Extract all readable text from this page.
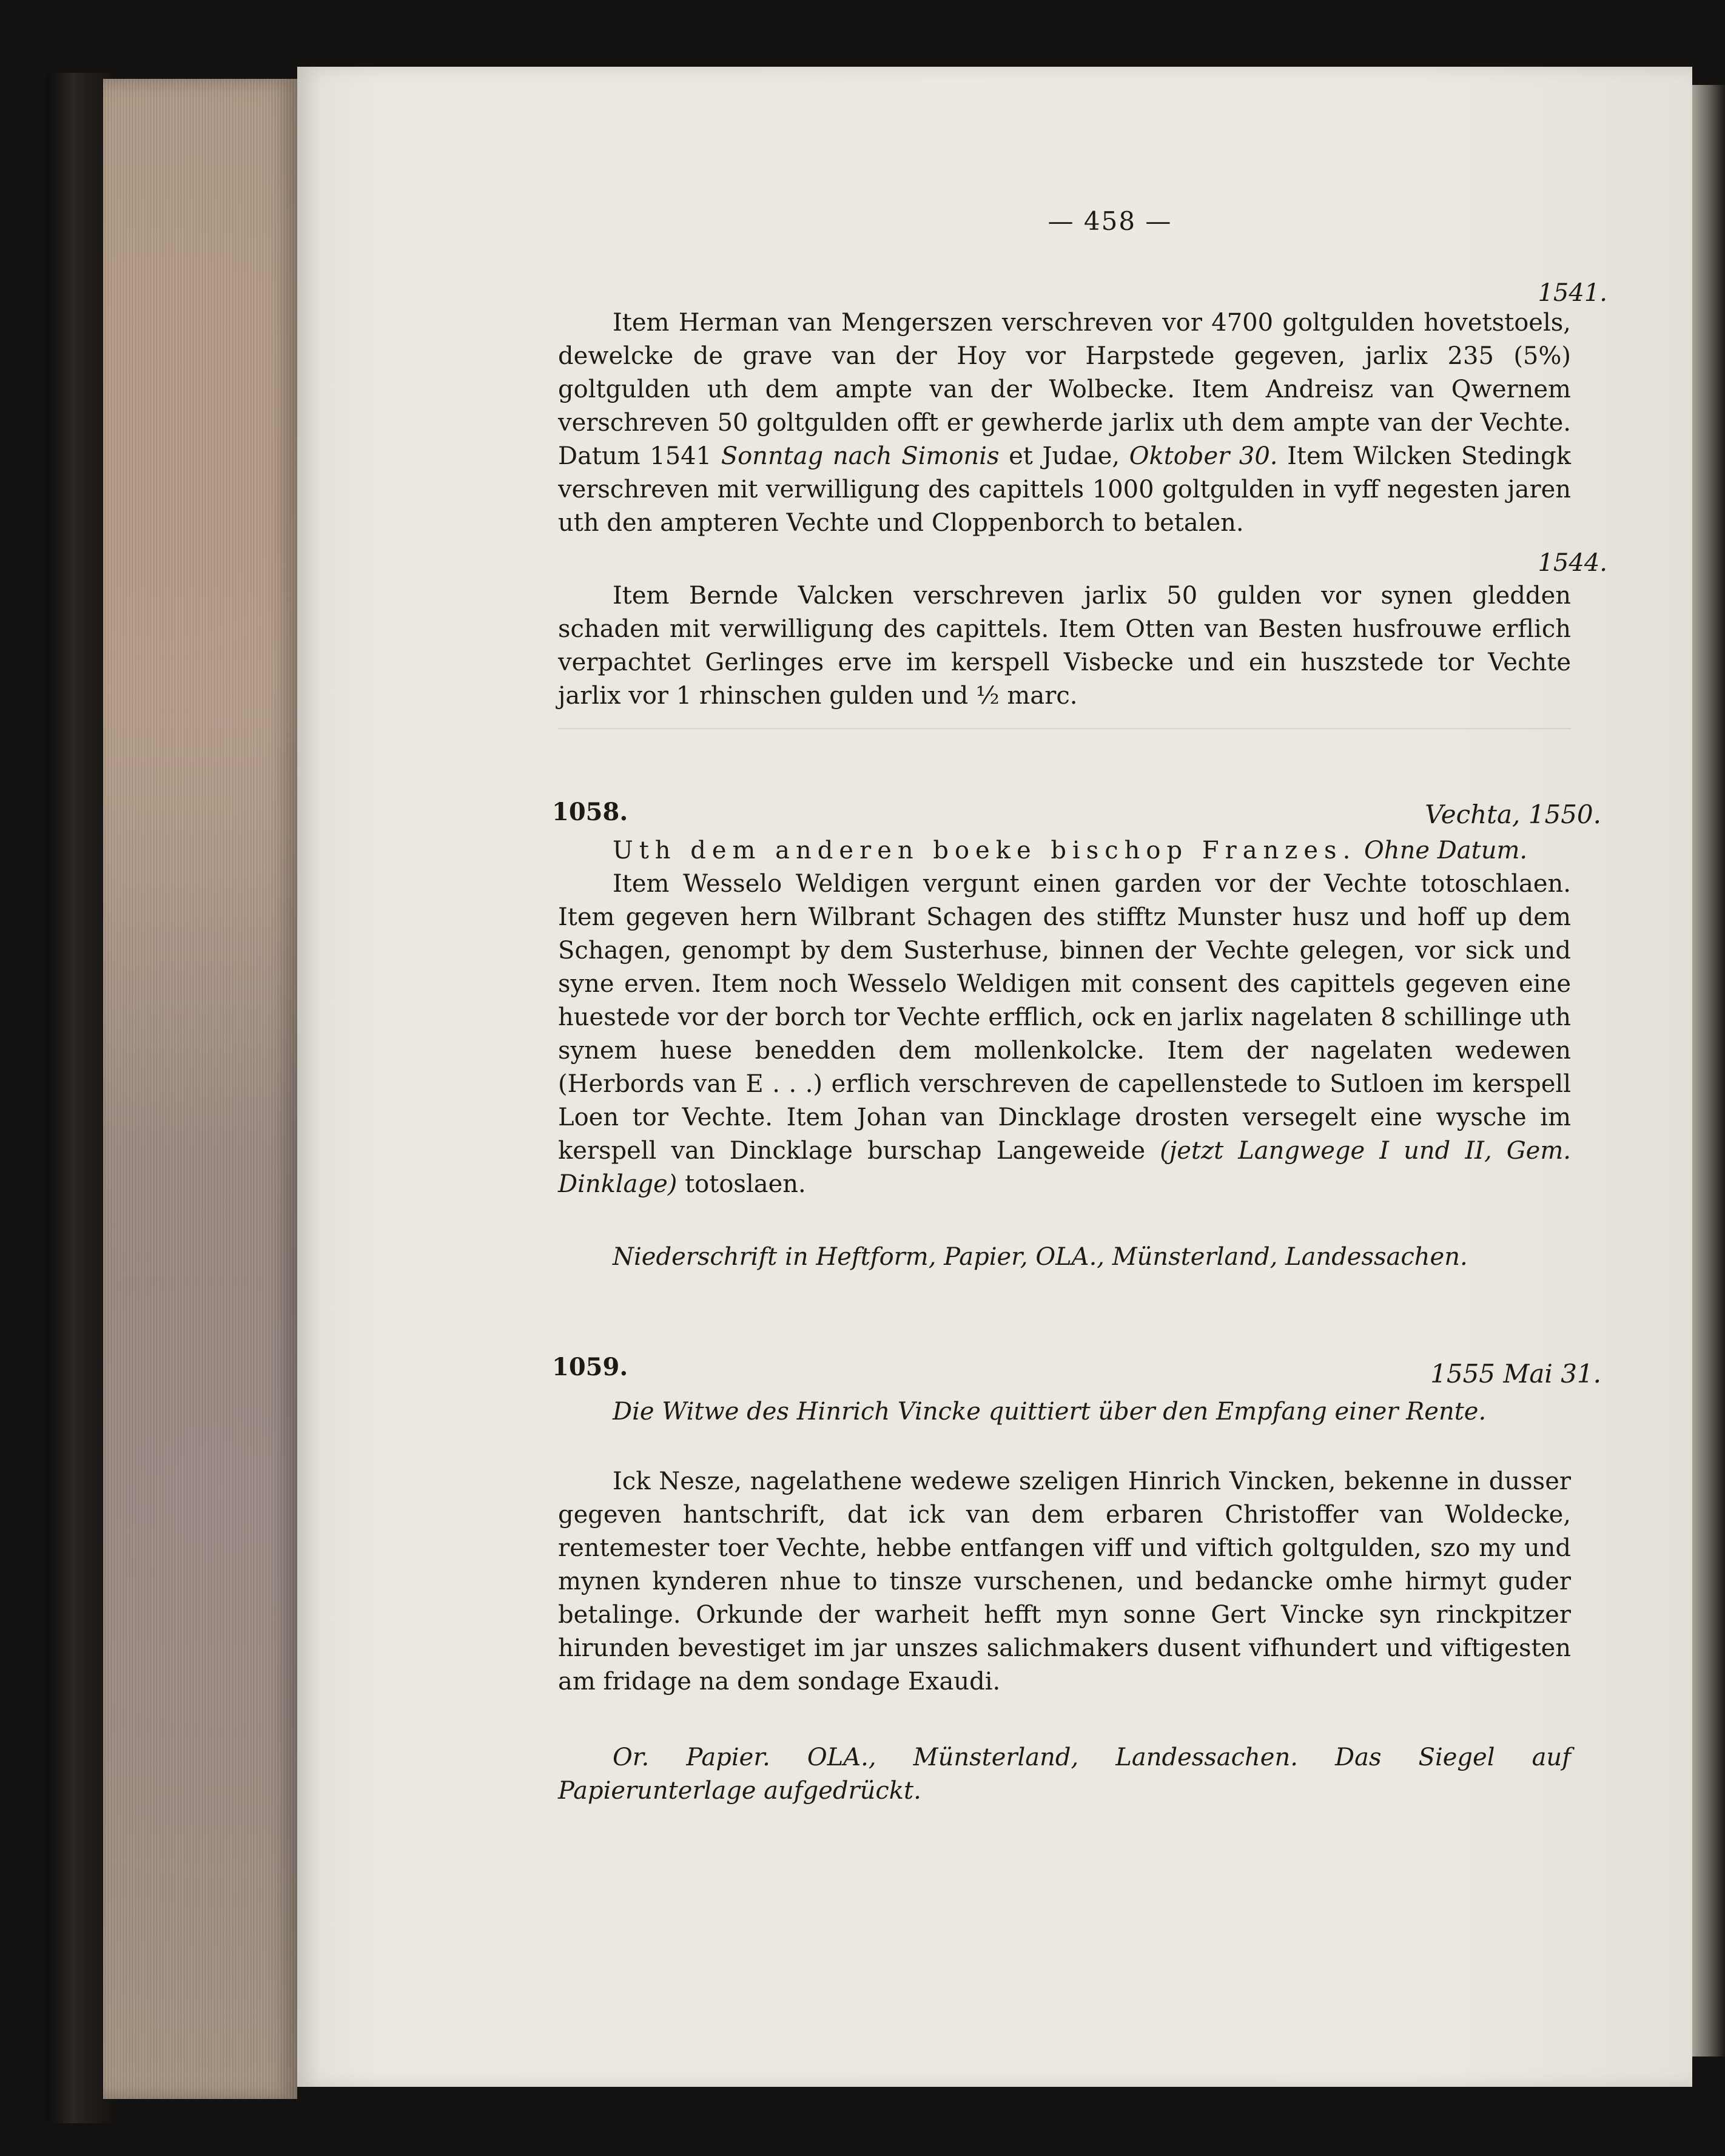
— 458 —
1541.

Item Herman van Mengerszen verschreven vor 4700 goltgulden hovetstoels, dewelcke de grave van der Hoy vor Harpstede gegeven, jarlix 235 (5%) goltgulden uth dem ampte van der Wolbecke. Item Andreisz van Qwernem verschreven 50 goltgulden offt er gewherde jarlix uth dem ampte van der Vechte. Datum 1541 Sonntag nach Simonis et Judae, Oktober 30. Item Wilcken Stedingk verschreven mit verwilligung des capittels 1000 goltgulden in vyff negesten jaren uth den ampteren Vechte und Cloppenborch to betalen.

1544.

Item Bernde Valcken verschreven jarlix 50 gulden vor synen gledden schaden mit verwilligung des capittels. Item Otten van Besten husfrouwe erflich verpachtet Gerlinges erve im kerspell Visbecke und ein huszstede tor Vechte jarlix vor 1 rhinschen gulden und ½ marc.

1058.	Vechta, 1550.

Uth dem anderen boeke bischop Franzes. Ohne Datum.

Item Wesselo Weldigen vergunt einen garden vor der Vechte totoschlaen. Item gegeven hern Wilbrant Schagen des stifftz Munster husz und hoff up dem Schagen, genompt by dem Susterhuse, binnen der Vechte gelegen, vor sick und syne erven. Item noch Wesselo Weldigen mit consent des capittels gegeven eine huestede vor der borch tor Vechte erfflich, ock en jarlix nagelaten 8 schillinge uth synem huese benedden dem mollenkolcke. Item der nagelaten wedewen (Herbords van E . . .) erflich verschreven de capellenstede to Sutloen im kerspell Loen tor Vechte. Item Johan van Dincklage drosten versegelt eine wysche im kerspell van Dincklage burschap Langeweide (jetzt Langwege I und II, Gem. Dinklage) totoslaen.

Niederschrift in Heftform, Papier, OLA., Münsterland, Landessachen.

1059.	1555 Mai 31.

Die Witwe des Hinrich Vincke quittiert über den Empfang einer Rente.

Ick Nesze, nagelathene wedewe szeligen Hinrich Vincken, bekenne in dusser gegeven hantschrift, dat ick van dem erbaren Christoffer van Woldecke, rentemester toer Vechte, hebbe entfangen viff und viftich goltgulden, szo my und mynen kynderen nhue to tinsze vurschenen, und bedancke omhe hirmyt guder betalinge. Orkunde der warheit hefft myn sonne Gert Vincke syn rinckpitzer hirunden bevestiget im jar unszes salichmakers dusent vifhundert und viftigesten am fridage na dem sondage Exaudi.

Or. Papier. OLA., Münsterland, Landessachen. Das Siegel auf Papierunterlage aufgedrückt.
